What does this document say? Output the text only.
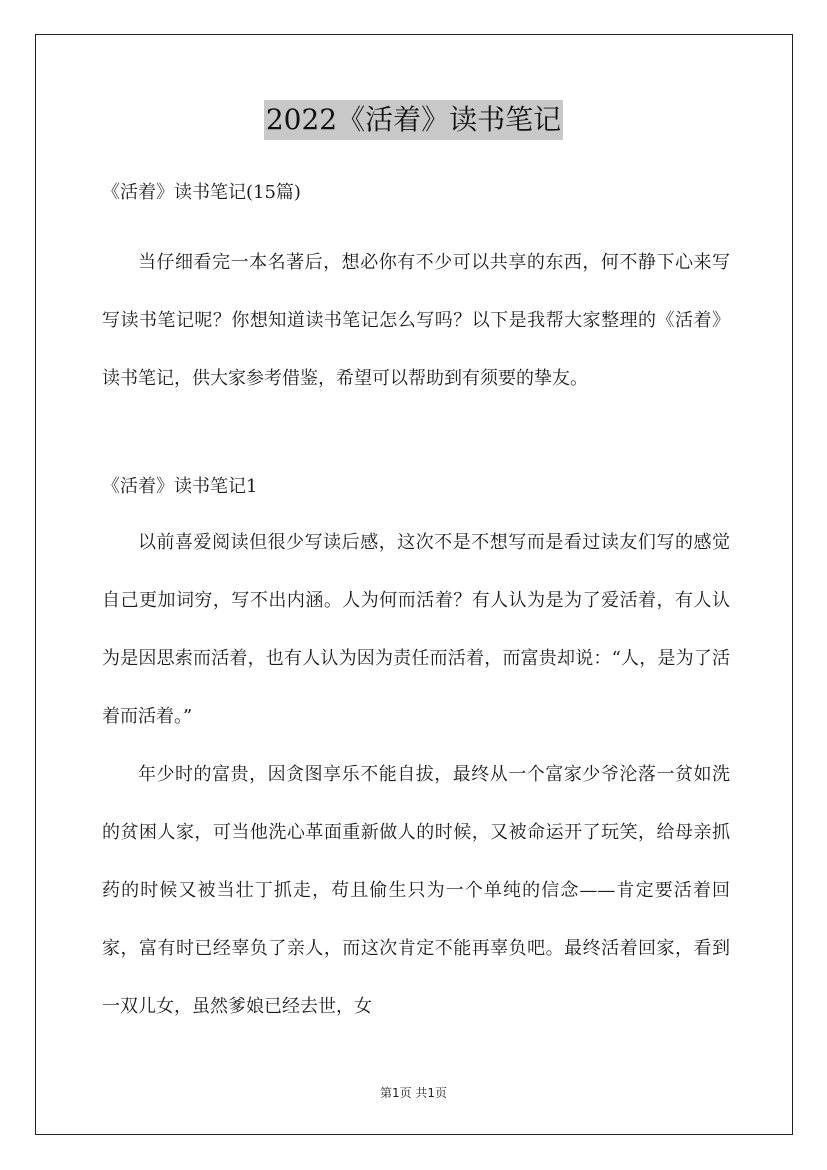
2022《活着》读书笔记

《活着》读书笔记(15篇)

当仔细看完一本名著后，想必你有不少可以共享的东西，何不静下心来写写读书笔记呢？你想知道读书笔记怎么写吗？以下是我帮大家整理的《活着》读书笔记，供大家参考借鉴，希望可以帮助到有须要的挚友。

《活着》读书笔记1

以前喜爱阅读但很少写读后感，这次不是不想写而是看过读友们写的感觉自己更加词穷，写不出内涵。人为何而活着？有人认为是为了爱活着，有人认为是因思索而活着，也有人认为因为责任而活着，而富贵却说：“人，是为了活着而活着。”

年少时的富贵，因贪图享乐不能自拔，最终从一个富家少爷沦落一贫如洗的贫困人家，可当他洗心革面重新做人的时候，又被命运开了玩笑，给母亲抓药的时候又被当壮丁抓走，苟且偷生只为一个单纯的信念——肯定要活着回家，富有时已经辜负了亲人，而这次肯定不能再辜负吧。最终活着回家，看到一双儿女，虽然爹娘已经去世，女

第1页 共1页
